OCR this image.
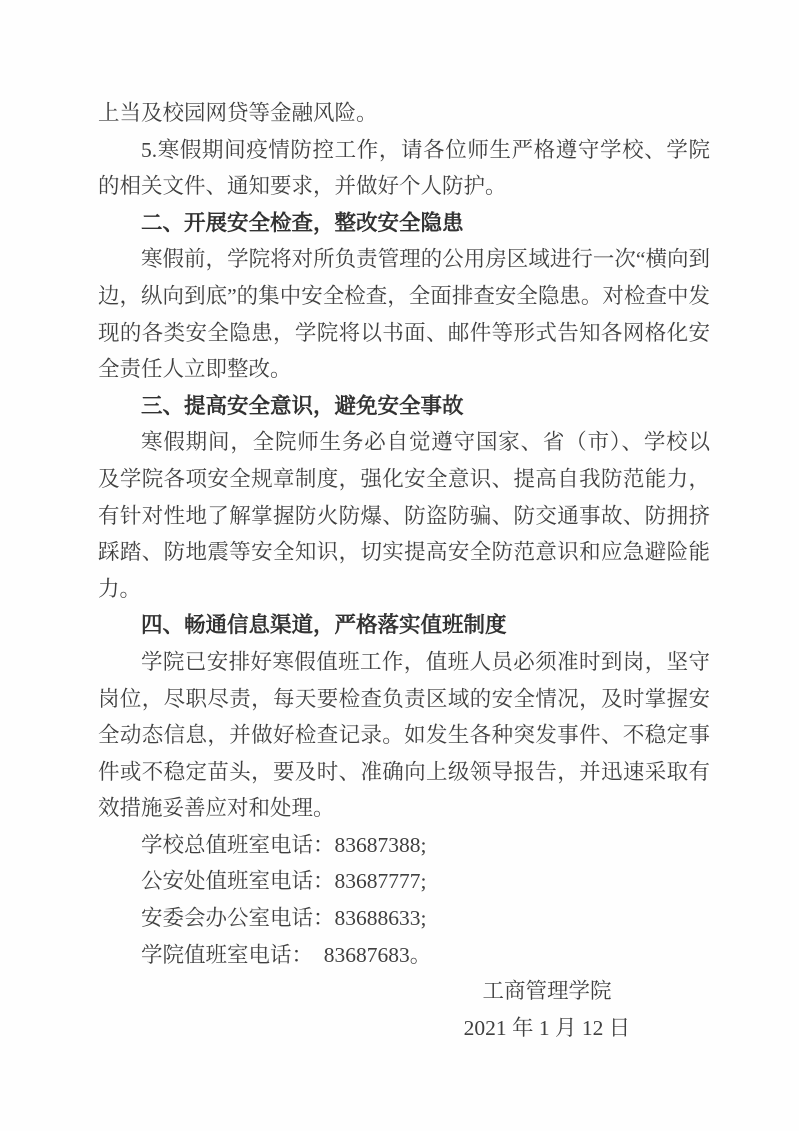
上当及校园网贷等金融风险。

5.寒假期间疫情防控工作，请各位师生严格遵守学校、学院的相关文件、通知要求，并做好个人防护。

二、开展安全检查，整改安全隐患

寒假前，学院将对所负责管理的公用房区域进行一次“横向到边，纵向到底”的集中安全检查，全面排查安全隐患。对检查中发现的各类安全隐患，学院将以书面、邮件等形式告知各网格化安全责任人立即整改。

三、提高安全意识，避免安全事故

寒假期间，全院师生务必自觉遵守国家、省（市）、学校以及学院各项安全规章制度，强化安全意识、提高自我防范能力，有针对性地了解掌握防火防爆、防盗防骗、防交通事故、防拥挤踩踏、防地震等安全知识，切实提高安全防范意识和应急避险能力。

四、畅通信息渠道，严格落实值班制度

学院已安排好寒假值班工作，值班人员必须准时到岗，坚守岗位，尽职尽责，每天要检查负责区域的安全情况，及时掌握安全动态信息，并做好检查记录。如发生各种突发事件、不稳定事件或不稳定苗头，要及时、准确向上级领导报告，并迅速采取有效措施妥善应对和处理。

学校总值班室电话：83687388;

公安处值班室电话：83687777;

安委会办公室电话：83688633;

学院值班室电话：　83687683。

工商管理学院
2021 年 1 月 12 日
